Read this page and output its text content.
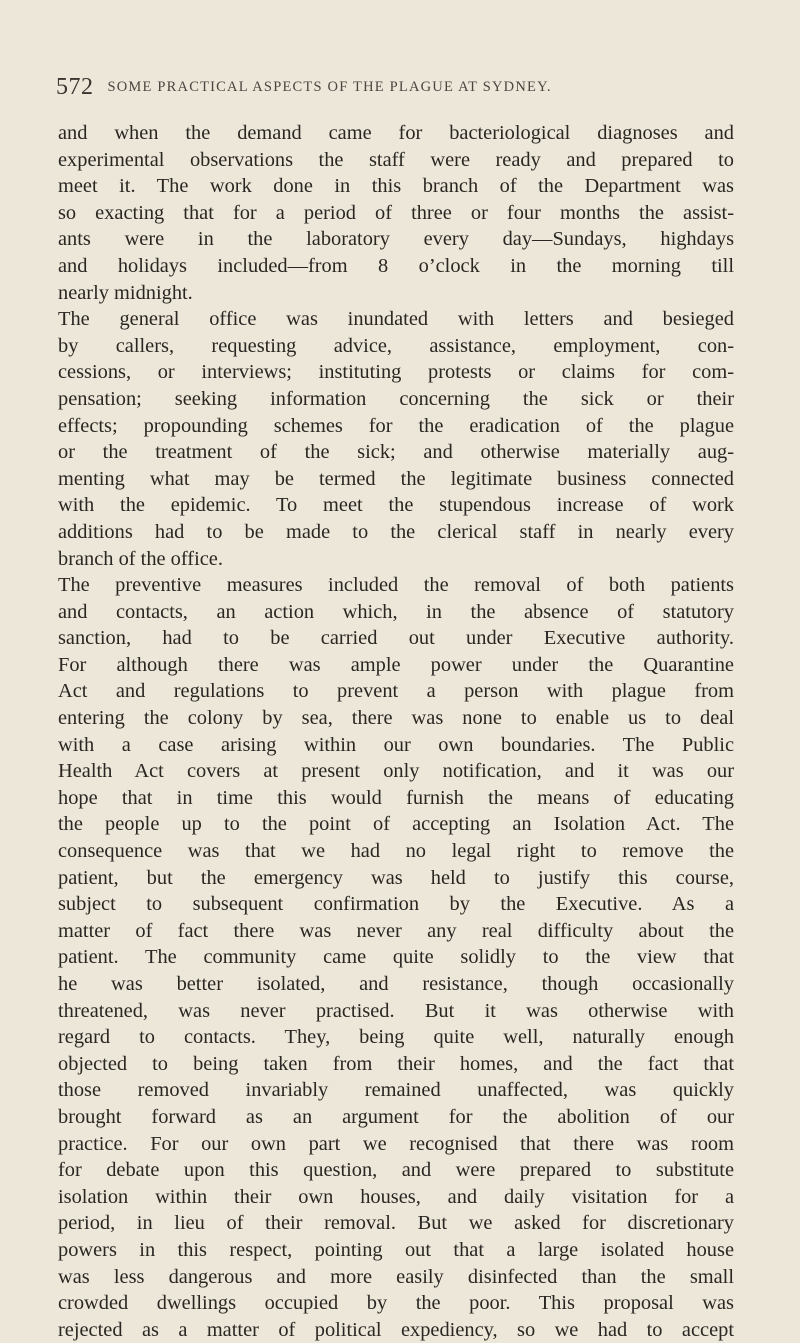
572 SOME PRACTICAL ASPECTS OF THE PLAGUE AT SYDNEY.
and when the demand came for bacteriological diagnoses and
experimental observations the staff were ready and prepared to
meet it. The work done in this branch of the Department was
so exacting that for a period of three or four months the assist-
ants were in the laboratory every day—Sundays, highdays
and holidays included—from 8 o’clock in the morning till
nearly midnight.
The general office was inundated with letters and besieged
by callers, requesting advice, assistance, employment, con-
cessions, or interviews; instituting protests or claims for com-
pensation; seeking information concerning the sick or their
effects; propounding schemes for the eradication of the plague
or the treatment of the sick; and otherwise materially aug-
menting what may be termed the legitimate business connected
with the epidemic. To meet the stupendous increase of work
additions had to be made to the clerical staff in nearly every
branch of the office.
The preventive measures included the removal of both patients
and contacts, an action which, in the absence of statutory
sanction, had to be carried out under Executive authority.
For although there was ample power under the Quarantine
Act and regulations to prevent a person with plague from
entering the colony by sea, there was none to enable us to deal
with a case arising within our own boundaries. The Public
Health Act covers at present only notification, and it was our
hope that in time this would furnish the means of educating
the people up to the point of accepting an Isolation Act. The
consequence was that we had no legal right to remove the
patient, but the emergency was held to justify this course,
subject to subsequent confirmation by the Executive. As a
matter of fact there was never any real difficulty about the
patient. The community came quite solidly to the view that
he was better isolated, and resistance, though occasionally
threatened, was never practised. But it was otherwise with
regard to contacts. They, being quite well, naturally enough
objected to being taken from their homes, and the fact that
those removed invariably remained unaffected, was quickly
brought forward as an argument for the abolition of our
practice. For our own part we recognised that there was room
for debate upon this question, and were prepared to substitute
isolation within their own houses, and daily visitation for a
period, in lieu of their removal. But we asked for discretionary
powers in this respect, pointing out that a large isolated house
was less dangerous and more easily disinfected than the small
crowded dwellings occupied by the poor. This proposal was
rejected as a matter of political expediency, so we had to accept
